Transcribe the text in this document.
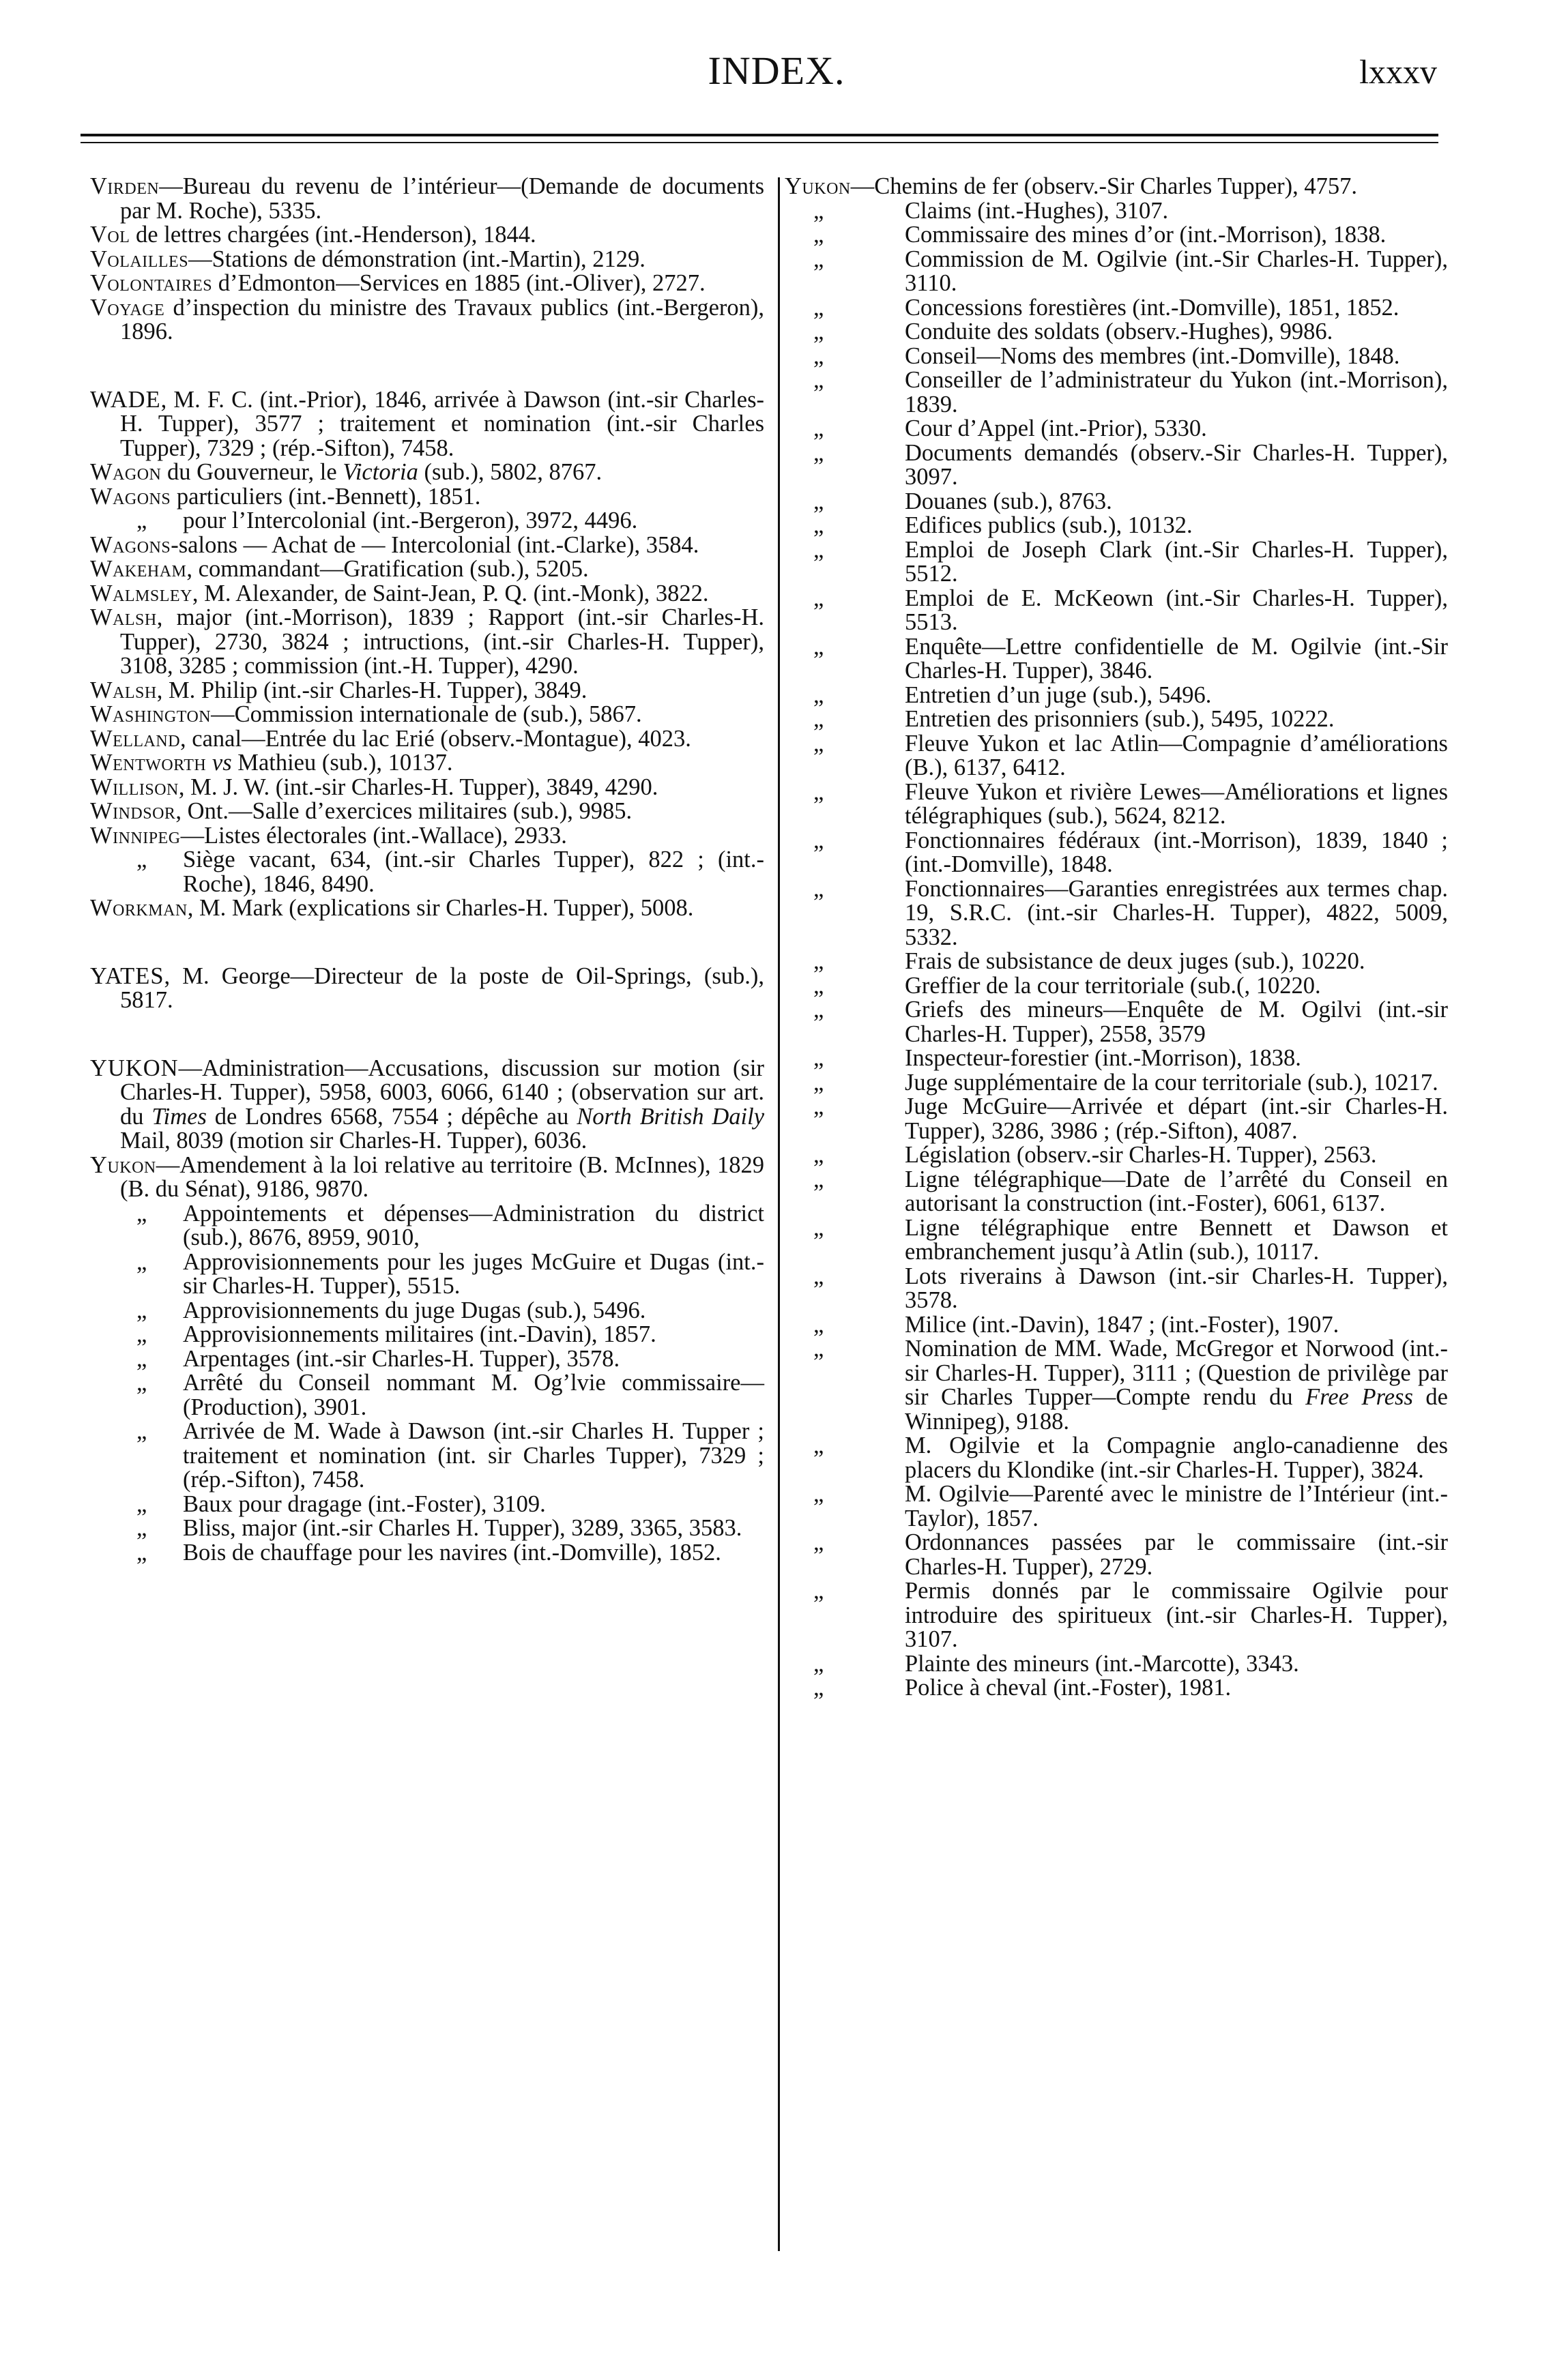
INDEX.	lxxxv

Virden—Bureau du revenu de l’intérieur—(Demande de documents par M. Roche), 5335.

Vol de lettres chargées (int.-Henderson), 1844.

Volailles—Stations de démonstration (int.-Martin), 2129.

Volontaires d’Edmonton—Services en 1885 (int.-Oliver), 2727.

Voyage d’inspection du ministre des Travaux publics (int.-Bergeron), 1896.

WADE, M. F. C. (int.-Prior), 1846, arrivée à Dawson (int.-sir Charles-H. Tupper), 3577 ; traitement et nomination (int.-sir Charles Tupper), 7329 ; (rép.-Sifton), 7458.

Wagon du Gouverneur, le Victoria (sub.), 5802, 8767.

Wagons particuliers (int.-Bennett), 1851.

„	pour l’Intercolonial (int.-Bergeron), 3972, 4496.

Wagons-salons — Achat de — Intercolonial (int.-Clarke), 3584.

Wakeham, commandant—Gratification (sub.), 5205.

Walmsley, M. Alexander, de Saint-Jean, P. Q. (int.-Monk), 3822.

Walsh, major (int.-Morrison), 1839 ; Rapport (int.-sir Charles-H. Tupper), 2730, 3824 ; intructions, (int.-sir Charles-H. Tupper), 3108, 3285 ; commission (int.-H. Tupper), 4290.

Walsh, M. Philip (int.-sir Charles-H. Tupper), 3849.

Washington—Commission internationale de (sub.), 5867.

Welland, canal—Entrée du lac Erié (observ.-Montague), 4023.

Wentworth vs Mathieu (sub.), 10137.

Willison, M. J. W. (int.-sir Charles-H. Tupper), 3849, 4290.

Windsor, Ont.—Salle d’exercices militaires (sub.), 9985.

Winnipeg—Listes électorales (int.-Wallace), 2933.

„	Siège vacant, 634, (int.-sir Charles Tupper), 822 ; (int.-Roche), 1846, 8490.

Workman, M. Mark (explications sir Charles-H. Tupper), 5008.

YATES, M. George—Directeur de la poste de Oil-Springs, (sub.), 5817.

YUKON—Administration—Accusations, discussion sur motion (sir Charles-H. Tupper), 5958, 6003, 6066, 6140 ; (observation sur art. du Times de Londres 6568, 7554 ; dépêche au North British Daily Mail, 8039 (motion sir Charles-H. Tupper), 6036.

Yukon—Amendement à la loi relative au territoire (B. McInnes), 1829 (B. du Sénat), 9186, 9870.

„	Appointements et dépenses—Administration du district (sub.), 8676, 8959, 9010,

„	Approvisionnements pour les juges McGuire et Dugas (int.-sir Charles-H. Tupper), 5515.

„	Approvisionnements du juge Dugas (sub.), 5496.

„	Approvisionnements militaires (int.-Davin), 1857.

„	Arpentages (int.-sir Charles-H. Tupper), 3578.

„	Arrêté du Conseil nommant M. Og’lvie commissaire—(Production), 3901.

„	Arrivée de M. Wade à Dawson (int.-sir Charles H. Tupper ; traitement et nomination (int. sir Charles Tupper), 7329 ; (rép.-Sifton), 7458.

„	Baux pour dragage (int.-Foster), 3109.

„	Bliss, major (int.-sir Charles H. Tupper), 3289, 3365, 3583.

„	Bois de chauffage pour les navires (int.-Domville), 1852.

Yukon—Chemins de fer (observ.-Sir Charles Tupper), 4757.

„	Claims (int.-Hughes), 3107.

„	Commissaire des mines d’or (int.-Morrison), 1838.

„	Commission de M. Ogilvie (int.-Sir Charles-H. Tupper), 3110.

„	Concessions forestières (int.-Domville), 1851, 1852.

„	Conduite des soldats (observ.-Hughes), 9986.

„	Conseil—Noms des membres (int.-Domville), 1848.

„	Conseiller de l’administrateur du Yukon (int.-Morrison), 1839.

„	Cour d’Appel (int.-Prior), 5330.

„	Documents demandés (observ.-Sir Charles-H. Tupper), 3097.

„	Douanes (sub.), 8763.

„	Edifices publics (sub.), 10132.

„	Emploi de Joseph Clark (int.-Sir Charles-H. Tupper), 5512.

„	Emploi de E. McKeown (int.-Sir Charles-H. Tupper), 5513.

„	Enquête—Lettre confidentielle de M. Ogilvie (int.-Sir Charles-H. Tupper), 3846.

„	Entretien d’un juge (sub.), 5496.

„	Entretien des prisonniers (sub.), 5495, 10222.

„	Fleuve Yukon et lac Atlin—Compagnie d’améliorations (B.), 6137, 6412.

„	Fleuve Yukon et rivière Lewes—Améliorations et lignes télégraphiques (sub.), 5624, 8212.

„	Fonctionnaires fédéraux (int.-Morrison), 1839, 1840 ; (int.-Domville), 1848.

„	Fonctionnaires—Garanties enregistrées aux termes chap. 19, S.R.C. (int.-sir Charles-H. Tupper), 4822, 5009, 5332.

„	Frais de subsistance de deux juges (sub.), 10220.

„	Greffier de la cour territoriale (sub.(, 10220.

„	Griefs des mineurs—Enquête de M. Ogilvi (int.-sir Charles-H. Tupper), 2558, 3579

„	Inspecteur-forestier (int.-Morrison), 1838.

„	Juge supplémentaire de la cour territoriale (sub.), 10217.

„	Juge McGuire—Arrivée et départ (int.-sir Charles-H. Tupper), 3286, 3986 ; (rép.-Sifton), 4087.

„	Législation (observ.-sir Charles-H. Tupper), 2563.

„	Ligne télégraphique—Date de l’arrêté du Conseil en autorisant la construction (int.-Foster), 6061, 6137.

„	Ligne télégraphique entre Bennett et Dawson et embranchement jusqu’à Atlin (sub.), 10117.

„	Lots riverains à Dawson (int.-sir Charles-H. Tupper), 3578.

„	Milice (int.-Davin), 1847 ; (int.-Foster), 1907.

„	Nomination de MM. Wade, McGregor et Norwood (int.-sir Charles-H. Tupper), 3111 ; (Question de privilège par sir Charles Tupper—Compte rendu du Free Press de Winnipeg), 9188.

„	M. Ogilvie et la Compagnie anglo-canadienne des placers du Klondike (int.-sir Charles-H. Tupper), 3824.

„	M. Ogilvie—Parenté avec le ministre de l’Intérieur (int.-Taylor), 1857.

„	Ordonnances passées par le commissaire (int.-sir Charles-H. Tupper), 2729.

„	Permis donnés par le commissaire Ogilvie pour introduire des spiritueux (int.-sir Charles-H. Tupper), 3107.

„	Plainte des mineurs (int.-Marcotte), 3343.

„	Police à cheval (int.-Foster), 1981.
